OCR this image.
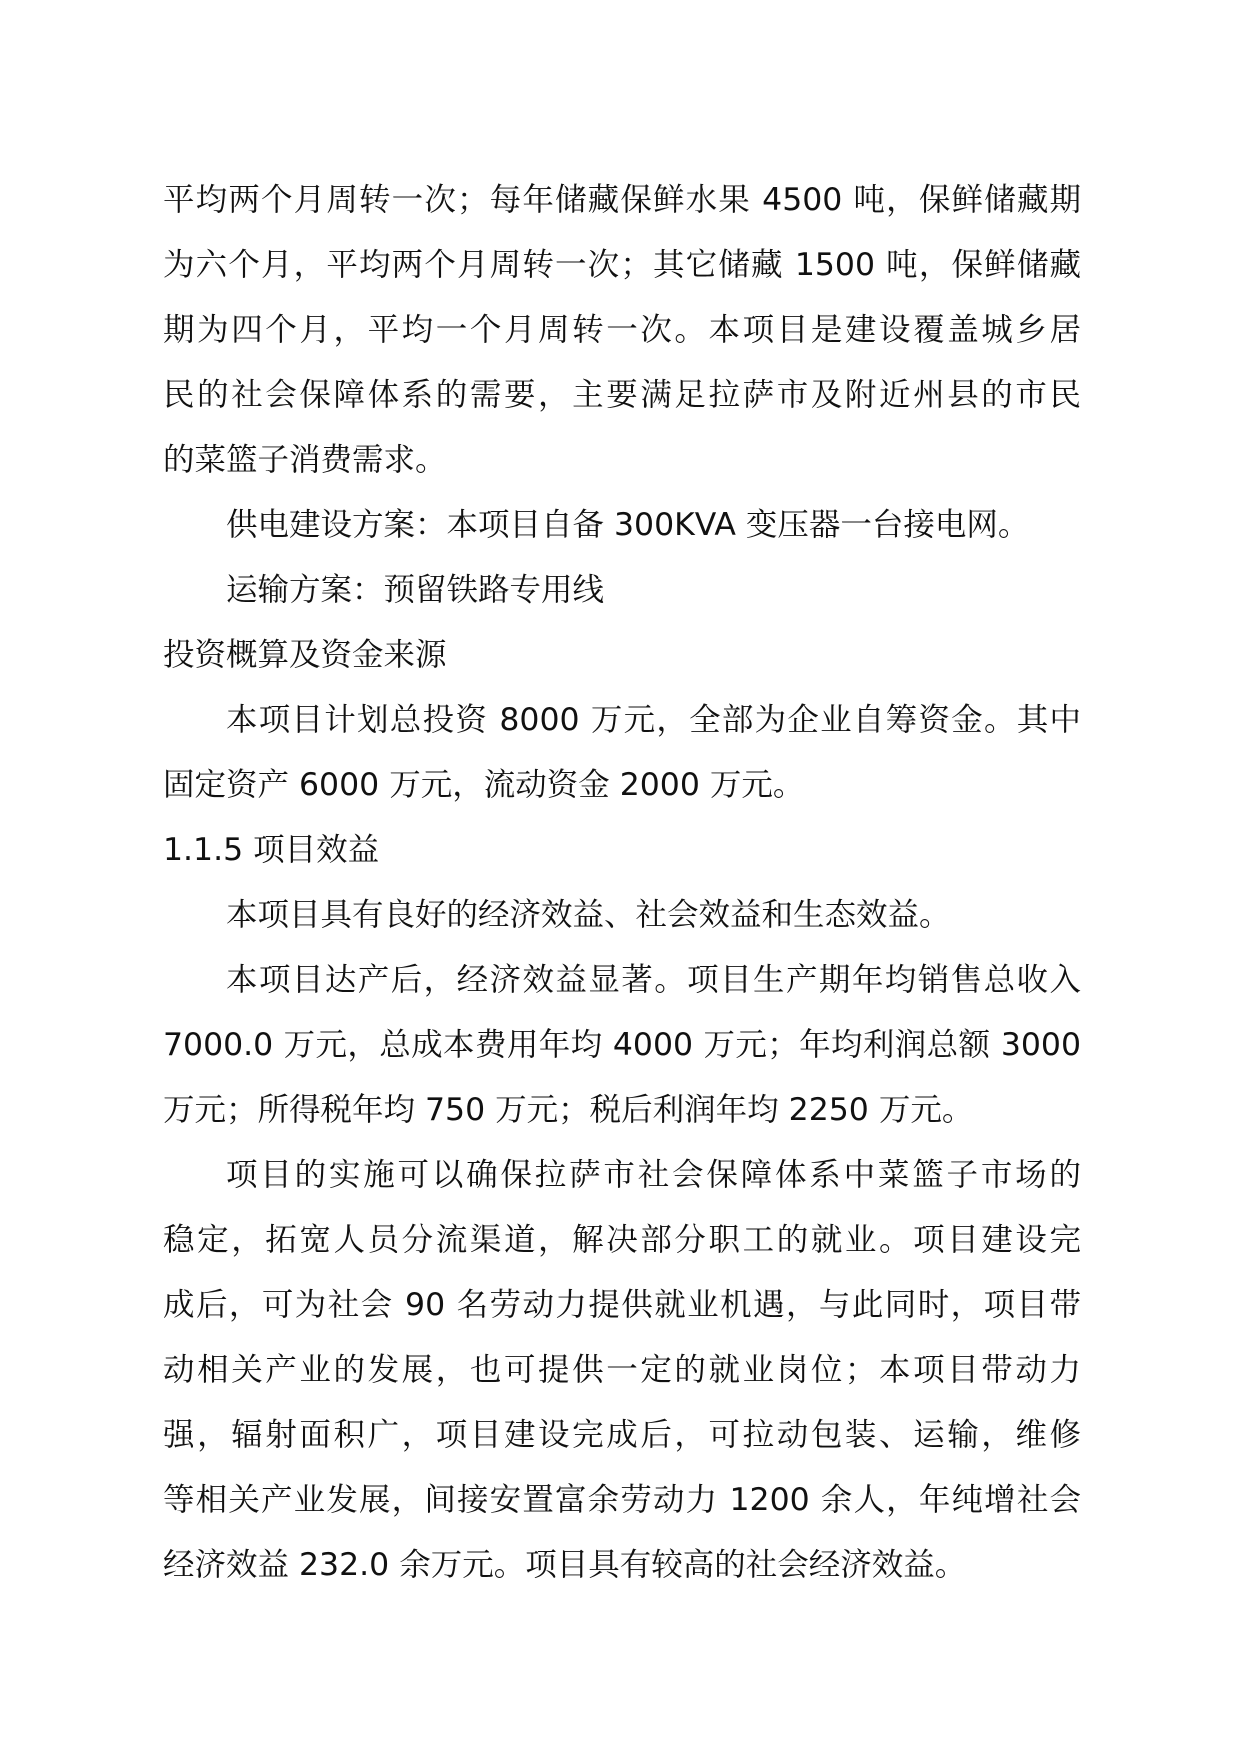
平均两个月周转一次；每年储藏保鲜水果 4500 吨，保鲜储藏期
为六个月，平均两个月周转一次；其它储藏 1500 吨，保鲜储藏
期为四个月，平均一个月周转一次。本项目是建设覆盖城乡居
民的社会保障体系的需要，主要满足拉萨市及附近州县的市民
的菜篮子消费需求。
供电建设方案：本项目自备 300KVA 变压器一台接电网。
运输方案：预留铁路专用线
投资概算及资金来源
本项目计划总投资 8000 万元，全部为企业自筹资金。其中
固定资产 6000 万元，流动资金 2000 万元。
1.1.5 项目效益
本项目具有良好的经济效益、社会效益和生态效益。
本项目达产后，经济效益显著。项目生产期年均销售总收入
7000.0 万元，总成本费用年均 4000 万元；年均利润总额 3000
万元；所得税年均 750 万元；税后利润年均 2250 万元。
项目的实施可以确保拉萨市社会保障体系中菜篮子市场的
稳定，拓宽人员分流渠道，解决部分职工的就业。项目建设完
成后，可为社会 90 名劳动力提供就业机遇，与此同时，项目带
动相关产业的发展，也可提供一定的就业岗位；本项目带动力
强，辐射面积广，项目建设完成后，可拉动包装、运输，维修
等相关产业发展，间接安置富余劳动力 1200 余人，年纯增社会
经济效益 232.0 余万元。项目具有较高的社会经济效益。
